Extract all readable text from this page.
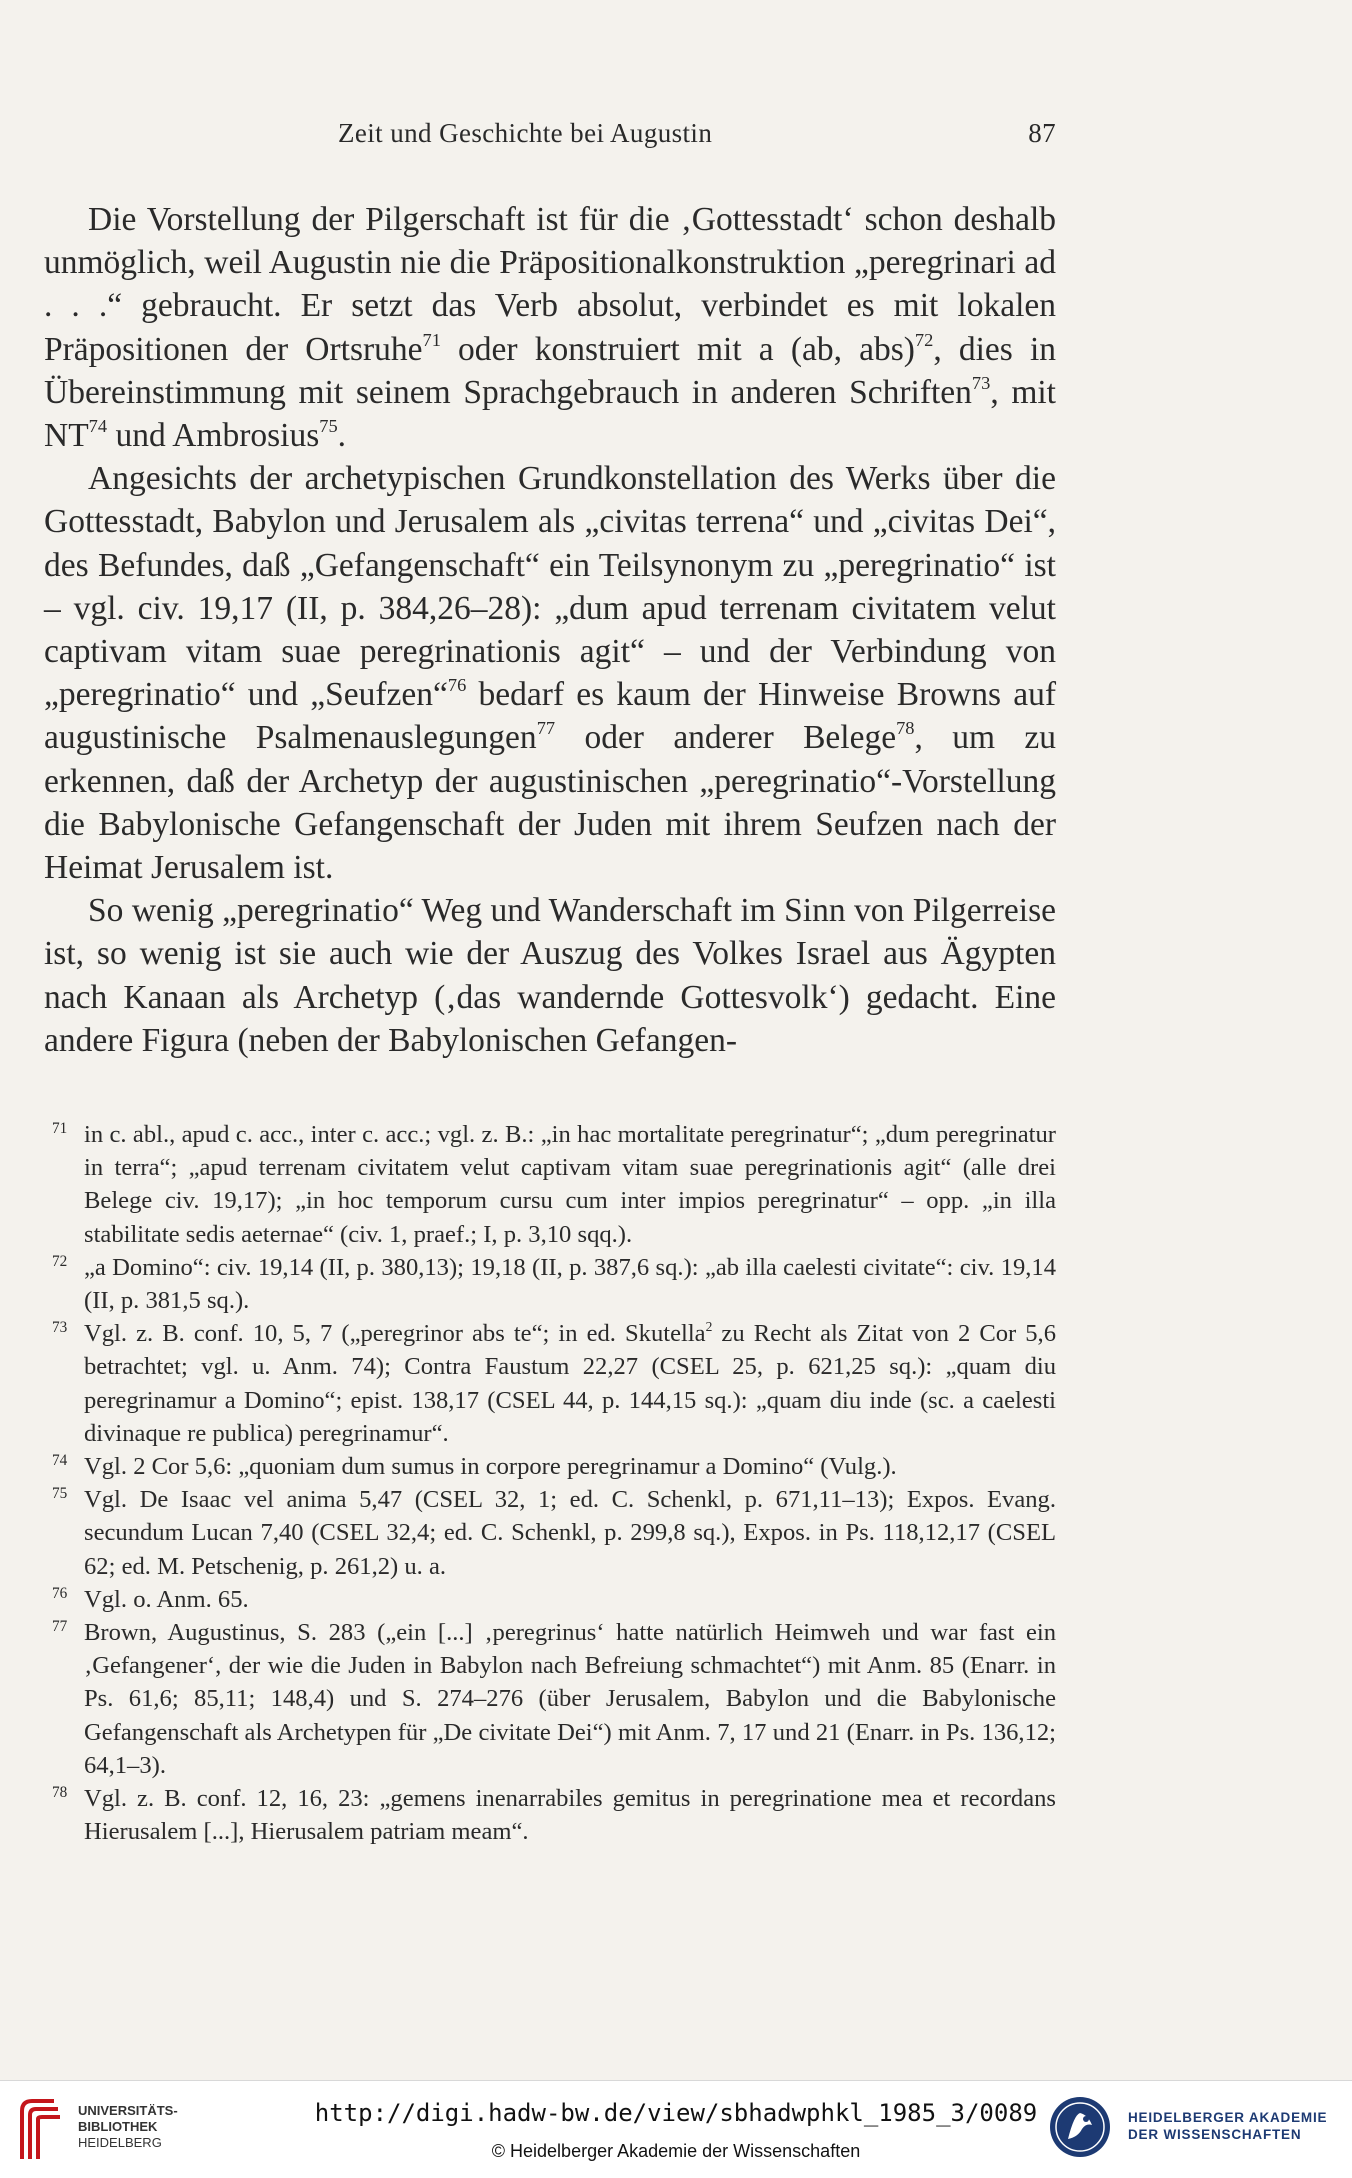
Zeit und Geschichte bei Augustin	87

Die Vorstellung der Pilgerschaft ist für die ‚Gottesstadt‘ schon deshalb unmöglich, weil Augustin nie die Präpositionalkonstruktion „peregrinari ad . . .“ gebraucht. Er setzt das Verb absolut, verbindet es mit lokalen Präpositionen der Ortsruhe$^{71}$ oder konstruiert mit a (ab, abs)$^{72}$, dies in Übereinstimmung mit seinem Sprachgebrauch in anderen Schriften$^{73}$, mit NT$^{74}$ und Ambrosius$^{75}$.

Angesichts der archetypischen Grundkonstellation des Werks über die Gottesstadt, Babylon und Jerusalem als „civitas terrena“ und „civitas Dei“, des Befundes, daß „Gefangenschaft“ ein Teilsynonym zu „peregrinatio“ ist – vgl. civ. 19,17 (II, p. 384,26–28): „dum apud terrenam civitatem velut captivam vitam suae peregrinationis agit“ – und der Verbindung von „peregrinatio“ und „Seufzen“$^{76}$ bedarf es kaum der Hinweise Browns auf augustinische Psalmenauslegungen$^{77}$ oder anderer Belege$^{78}$, um zu erkennen, daß der Archetyp der augustinischen „peregrinatio“-Vorstellung die Babylonische Gefangenschaft der Juden mit ihrem Seufzen nach der Heimat Jerusalem ist.

So wenig „peregrinatio“ Weg und Wanderschaft im Sinn von Pilgerreise ist, so wenig ist sie auch wie der Auszug des Volkes Israel aus Ägypten nach Kanaan als Archetyp (‚das wandernde Gottesvolk‘) gedacht. Eine andere Figura (neben der Babylonischen Gefangen-

71 in c. abl., apud c. acc., inter c. acc.; vgl. z. B.: „in hac mortalitate peregrinatur“; „dum peregrinatur in terra“; „apud terrenam civitatem velut captivam vitam suae peregrinationis agit“ (alle drei Belege civ. 19,17); „in hoc temporum cursu cum inter impios peregrinatur“ – opp. „in illa stabilitate sedis aeternae“ (civ. 1, praef.; I, p. 3,10 sqq.).
72 „a Domino“: civ. 19,14 (II, p. 380,13); 19,18 (II, p. 387,6 sq.): „ab illa caelesti civitate“: civ. 19,14 (II, p. 381,5 sq.).
73 Vgl. z. B. conf. 10, 5, 7 („peregrinor abs te“; in ed. Skutella$^2$ zu Recht als Zitat von 2 Cor 5,6 betrachtet; vgl. u. Anm. 74); Contra Faustum 22,27 (CSEL 25, p. 621,25 sq.): „quam diu peregrinamur a Domino“; epist. 138,17 (CSEL 44, p. 144,15 sq.): „quam diu inde (sc. a caelesti divinaque re publica) peregrinamur“.
74 Vgl. 2 Cor 5,6: „quoniam dum sumus in corpore peregrinamur a Domino“ (Vulg.).
75 Vgl. De Isaac vel anima 5,47 (CSEL 32, 1; ed. C. Schenkl, p. 671,11–13); Expos. Evang. secundum Lucan 7,40 (CSEL 32,4; ed. C. Schenkl, p. 299,8 sq.), Expos. in Ps. 118,12,17 (CSEL 62; ed. M. Petschenig, p. 261,2) u. a.
76 Vgl. o. Anm. 65.
77 Brown, Augustinus, S. 283 („ein [...] ‚peregrinus‘ hatte natürlich Heimweh und war fast ein ‚Gefangener‘, der wie die Juden in Babylon nach Befreiung schmachtet“) mit Anm. 85 (Enarr. in Ps. 61,6; 85,11; 148,4) und S. 274–276 (über Jerusalem, Babylon und die Babylonische Gefangenschaft als Archetypen für „De civitate Dei“) mit Anm. 7, 17 und 21 (Enarr. in Ps. 136,12; 64,1–3).
78 Vgl. z. B. conf. 12, 16, 23: „gemens inenarrabiles gemitus in peregrinatione mea et recordans Hierusalem [...], Hierusalem patriam meam“.
UNIVERSITÄTS-
BIBLIOTHEK
HEIDELBERG
http://digi.hadw-bw.de/view/sbhadwphkl_1985_3/0089
© Heidelberger Akademie der Wissenschaften
HEIDELBERGER AKADEMIE
DER WISSENSCHAFTEN
